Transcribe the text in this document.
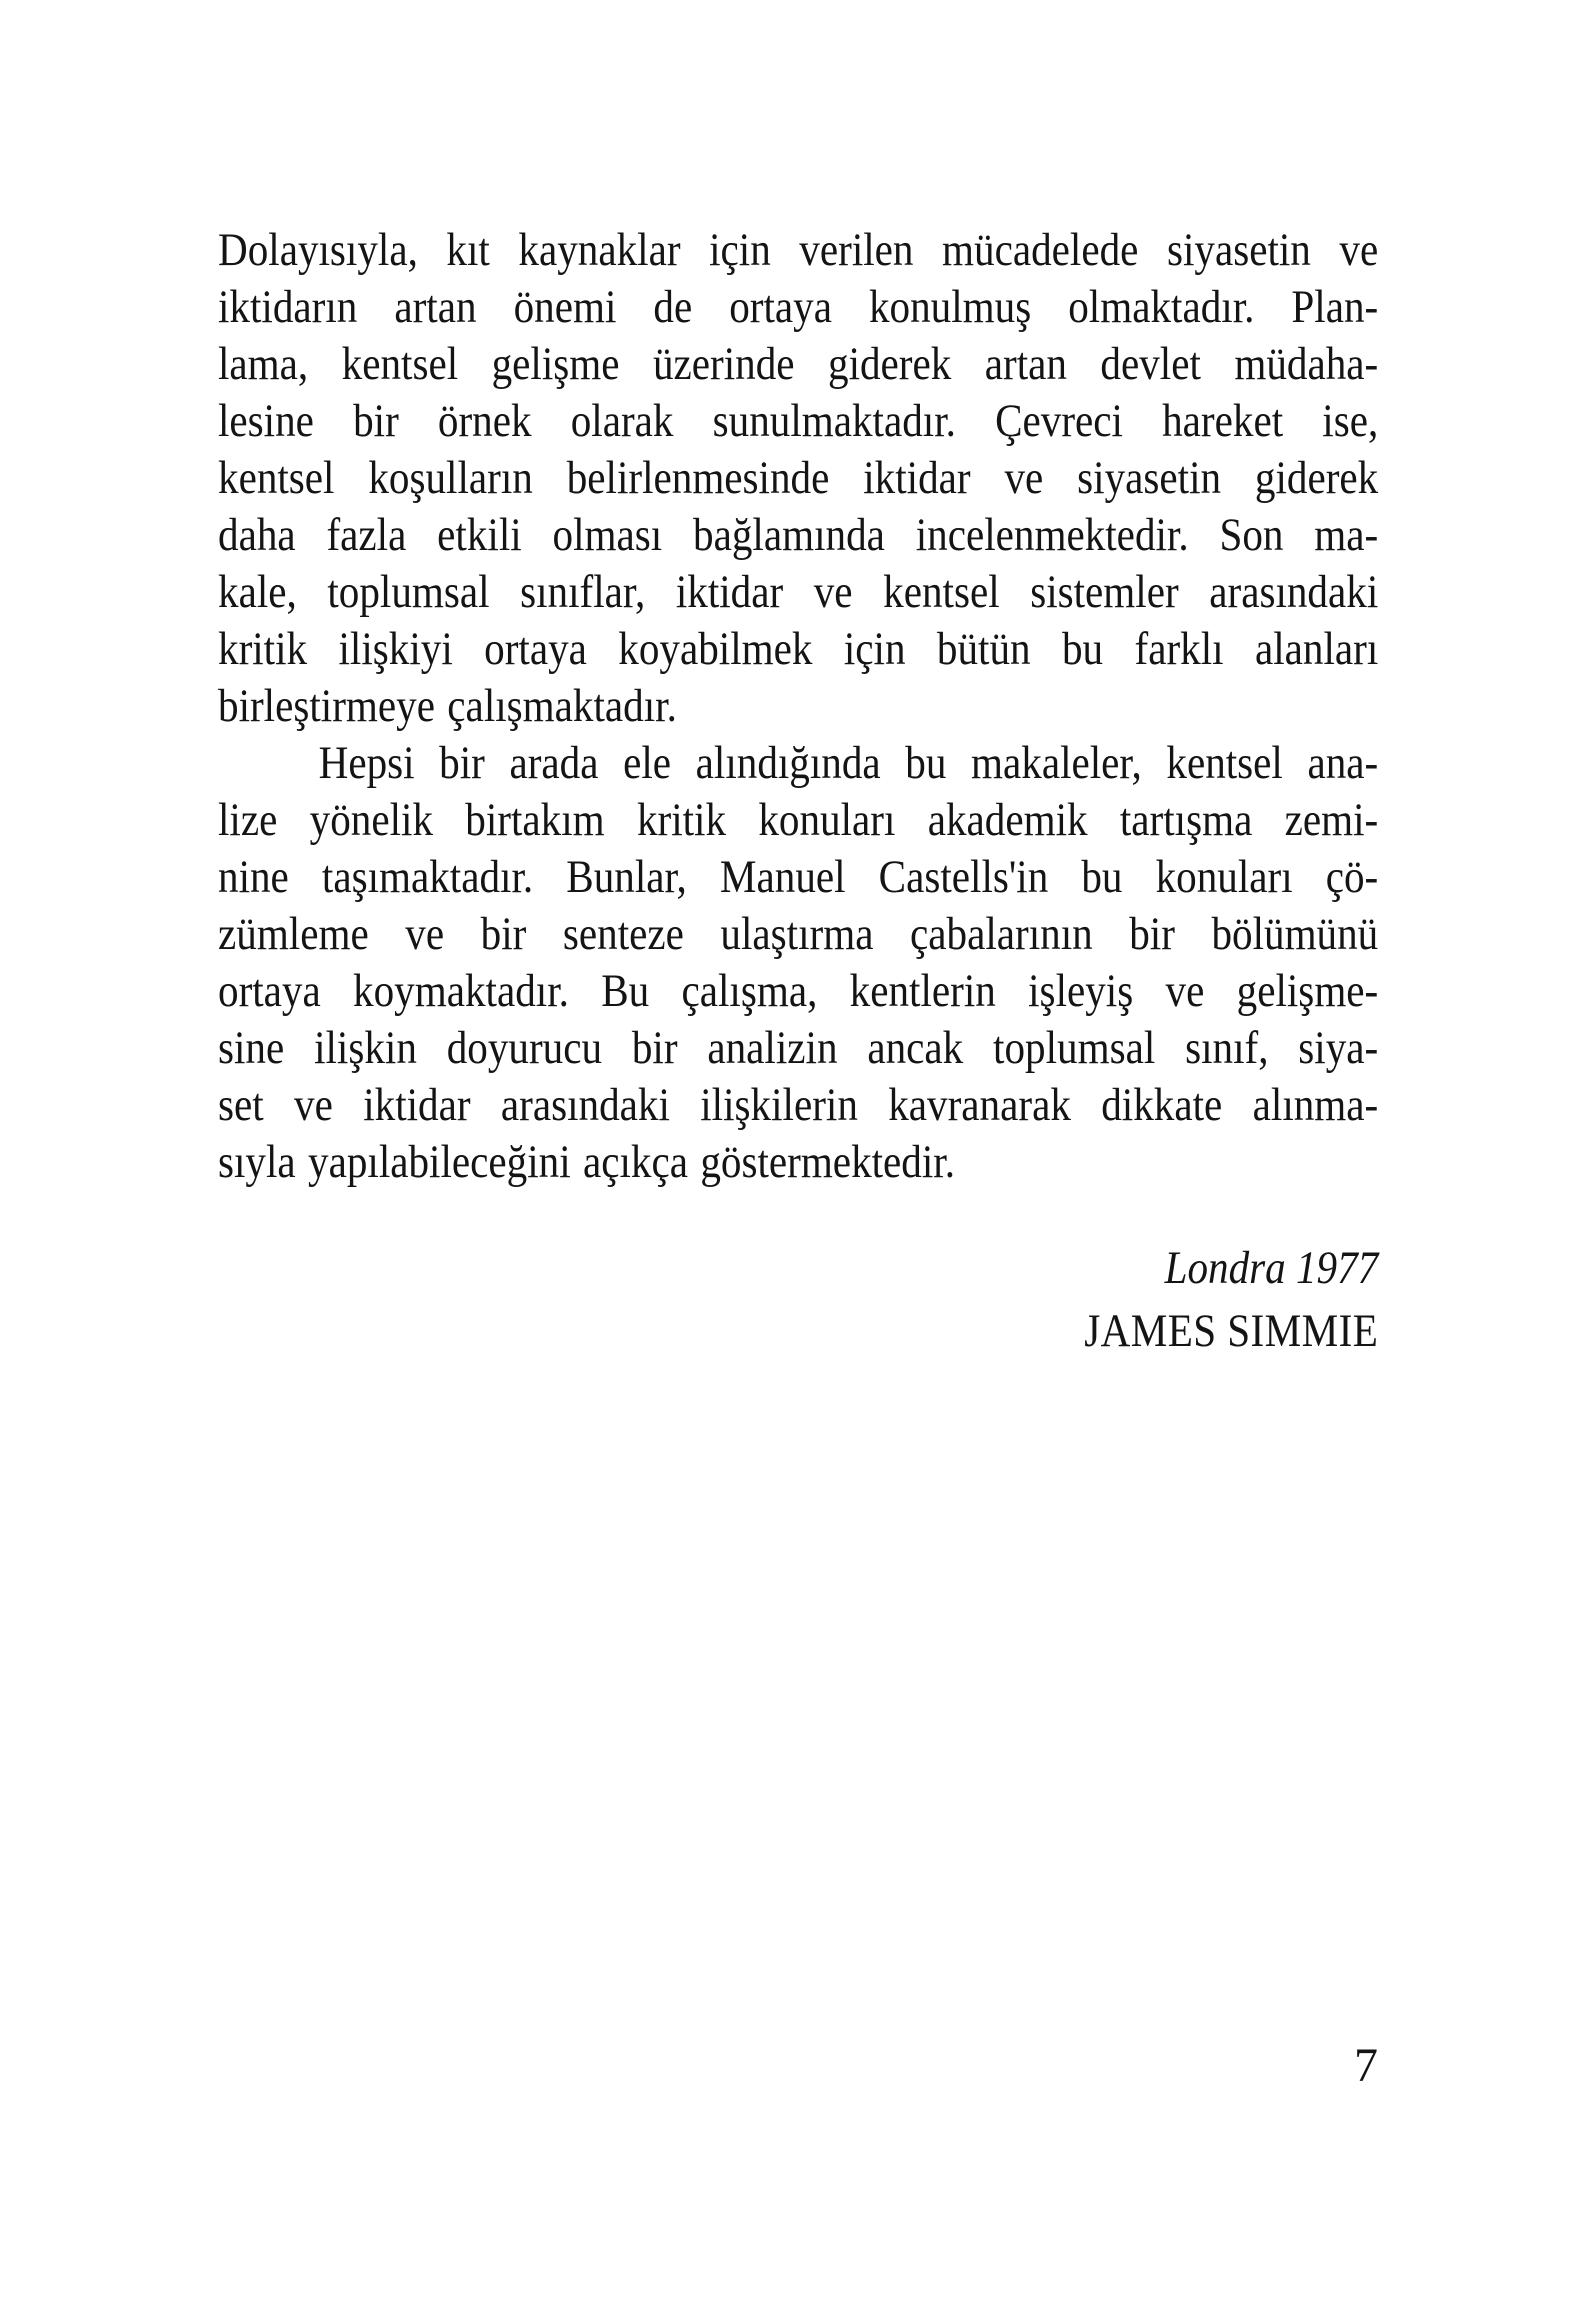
Dolayısıyla, kıt kaynaklar için verilen mücadelede siyasetin ve
iktidarın artan önemi de ortaya konulmuş olmaktadır. Plan-
lama, kentsel gelişme üzerinde giderek artan devlet müdaha-
lesine bir örnek olarak sunulmaktadır. Çevreci hareket ise,
kentsel koşulların belirlenmesinde iktidar ve siyasetin giderek
daha fazla etkili olması bağlamında incelenmektedir. Son ma-
kale, toplumsal sınıflar, iktidar ve kentsel sistemler arasındaki
kritik ilişkiyi ortaya koyabilmek için bütün bu farklı alanları
birleştirmeye çalışmaktadır.
Hepsi bir arada ele alındığında bu makaleler, kentsel ana-
lize yönelik birtakım kritik konuları akademik tartışma zemi-
nine taşımaktadır. Bunlar, Manuel Castells'in bu konuları çö-
zümleme ve bir senteze ulaştırma çabalarının bir bölümünü
ortaya koymaktadır. Bu çalışma, kentlerin işleyiş ve gelişme-
sine ilişkin doyurucu bir analizin ancak toplumsal sınıf, siya-
set ve iktidar arasındaki ilişkilerin kavranarak dikkate alınma-
sıyla yapılabileceğini açıkça göstermektedir.
Londra 1977
JAMES SIMMIE
7
